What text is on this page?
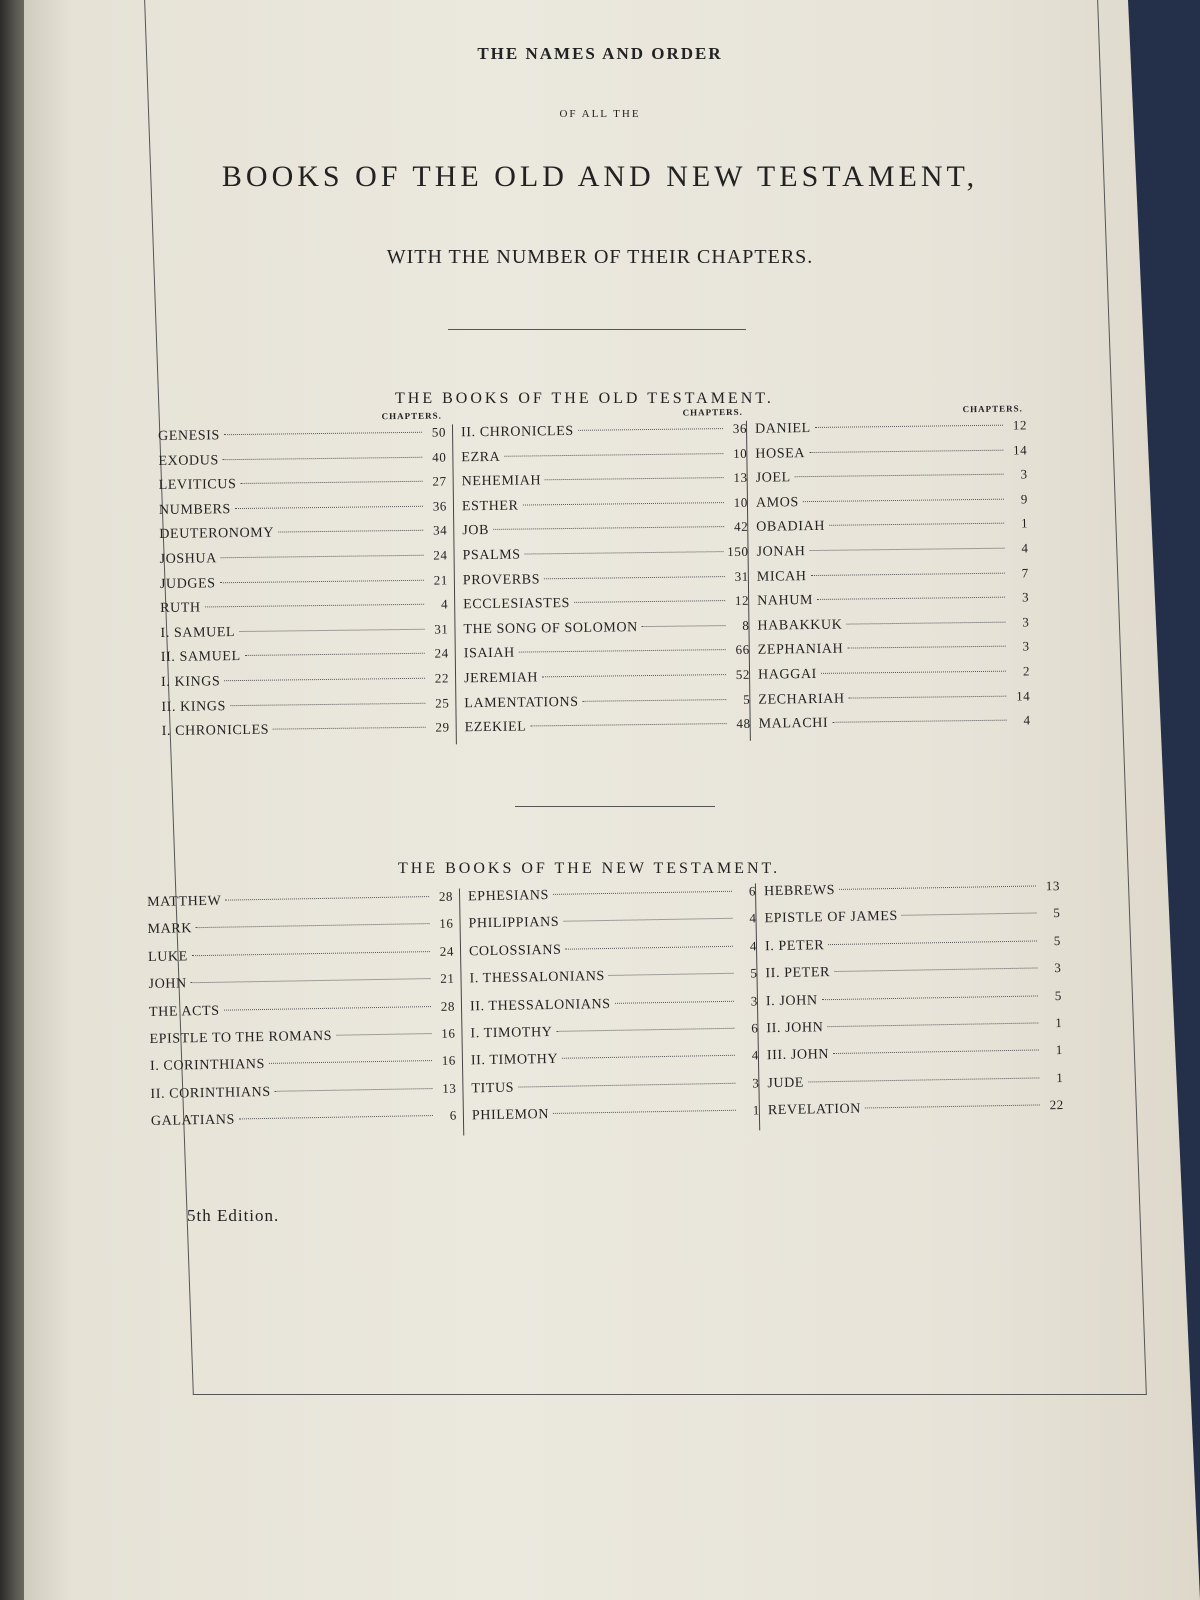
THE NAMES AND ORDER
OF ALL THE
BOOKS OF THE OLD AND NEW TESTAMENT,
WITH THE NUMBER OF THEIR CHAPTERS.
THE BOOKS OF THE OLD TESTAMENT.
CHAPTERS.
GENESIS	50
EXODUS	40
LEVITICUS	27
NUMBERS	36
DEUTERONOMY	34
JOSHUA	24
JUDGES	21
RUTH	4
I. SAMUEL	31
II. SAMUEL	24
I. KINGS	22
II. KINGS	25
I. CHRONICLES	29
CHAPTERS.
II. CHRONICLES	36
EZRA	10
NEHEMIAH	13
ESTHER	10
JOB	42
PSALMS	150
PROVERBS	31
ECCLESIASTES	12
THE SONG OF SOLOMON	8
ISAIAH	66
JEREMIAH	52
LAMENTATIONS	5
EZEKIEL	48
CHAPTERS.
DANIEL	12
HOSEA	14
JOEL	3
AMOS	9
OBADIAH	1
JONAH	4
MICAH	7
NAHUM	3
HABAKKUK	3
ZEPHANIAH	3
HAGGAI	2
ZECHARIAH	14
MALACHI	4
THE BOOKS OF THE NEW TESTAMENT.
MATTHEW	28
MARK	16
LUKE	24
JOHN	21
THE ACTS	28
EPISTLE TO THE ROMANS	16
I. CORINTHIANS	16
II. CORINTHIANS	13
GALATIANS	6
EPHESIANS	6
PHILIPPIANS	4
COLOSSIANS	4
I. THESSALONIANS	5
II. THESSALONIANS	3
I. TIMOTHY	6
II. TIMOTHY	4
TITUS	3
PHILEMON	1
HEBREWS	13
EPISTLE OF JAMES	5
I. PETER	5
II. PETER	3
I. JOHN	5
II. JOHN	1
III. JOHN	1
JUDE	1
REVELATION	22
5th Edition.
